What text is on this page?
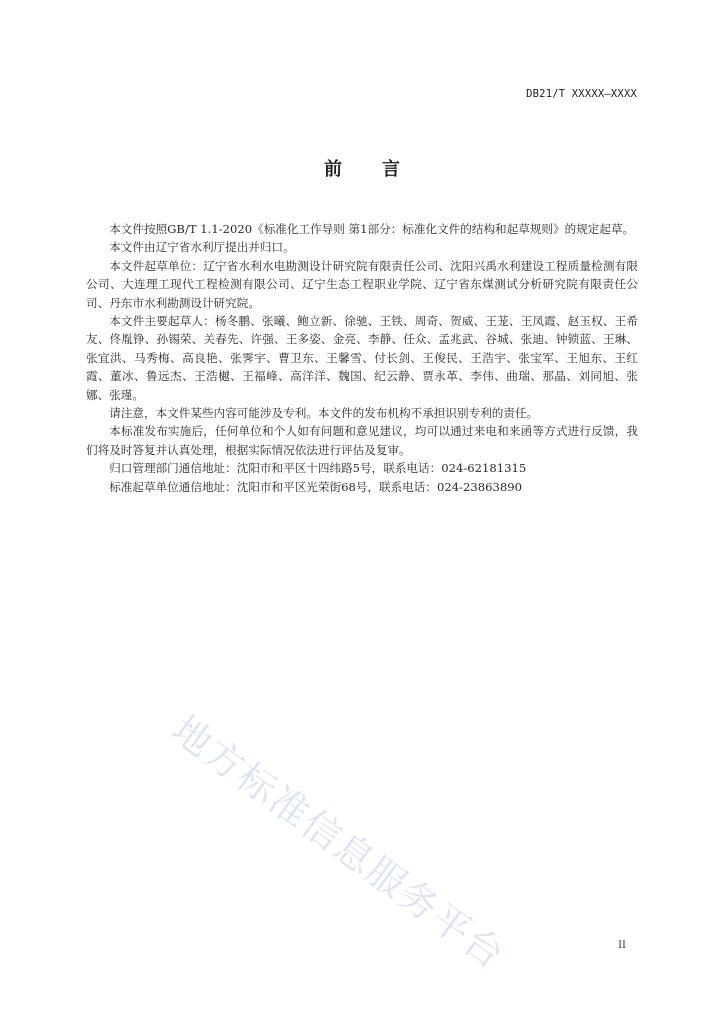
DB21/T XXXXX—XXXX
前言

本文件按照GB/T 1.1-2020《标准化工作导则 第1部分：标准化文件的结构和起草规则》的规定起草。

本文件由辽宁省水利厅提出并归口。

本文件起草单位：辽宁省水利水电勘测设计研究院有限责任公司、沈阳兴禹水利建设工程质量检测有限公司、大连理工现代工程检测有限公司、辽宁生态工程职业学院、辽宁省东煤测试分析研究院有限责任公司、丹东市水利勘测设计研究院。

本文件主要起草人：杨冬鹏、张曦、鲍立新、徐驰、王铁、周奇、贺威、王茏、王凤霞、赵玉权、王希友、佟胤铮、孙锡荣、关春先、许强、王多姿、金亮、李静、任众、孟兆武、谷城、张迪、钟锁蓝、王琳、张宜洪、马秀梅、高良艳、张霁宇、曹卫东、王馨雪、付长剑、王俊民、王浩宇、张宝军、王旭东、王红霞、董冰、鲁远杰、王浩樾、王福峰、高洋洋、魏国、纪云静、贾永革、李伟、曲瑞、那晶、刘同旭、张娜、张瑾。

请注意，本文件某些内容可能涉及专利。本文件的发布机构不承担识别专利的责任。

本标准发布实施后，任何单位和个人如有问题和意见建议，均可以通过来电和来函等方式进行反馈，我们将及时答复并认真处理，根据实际情况依法进行评估及复审。

归口管理部门通信地址：沈阳市和平区十四纬路5号，联系电话：024-62181315

标准起草单位通信地址：沈阳市和平区光荣街68号，联系电话：024-23863890

地方标准信息服务平台	II
